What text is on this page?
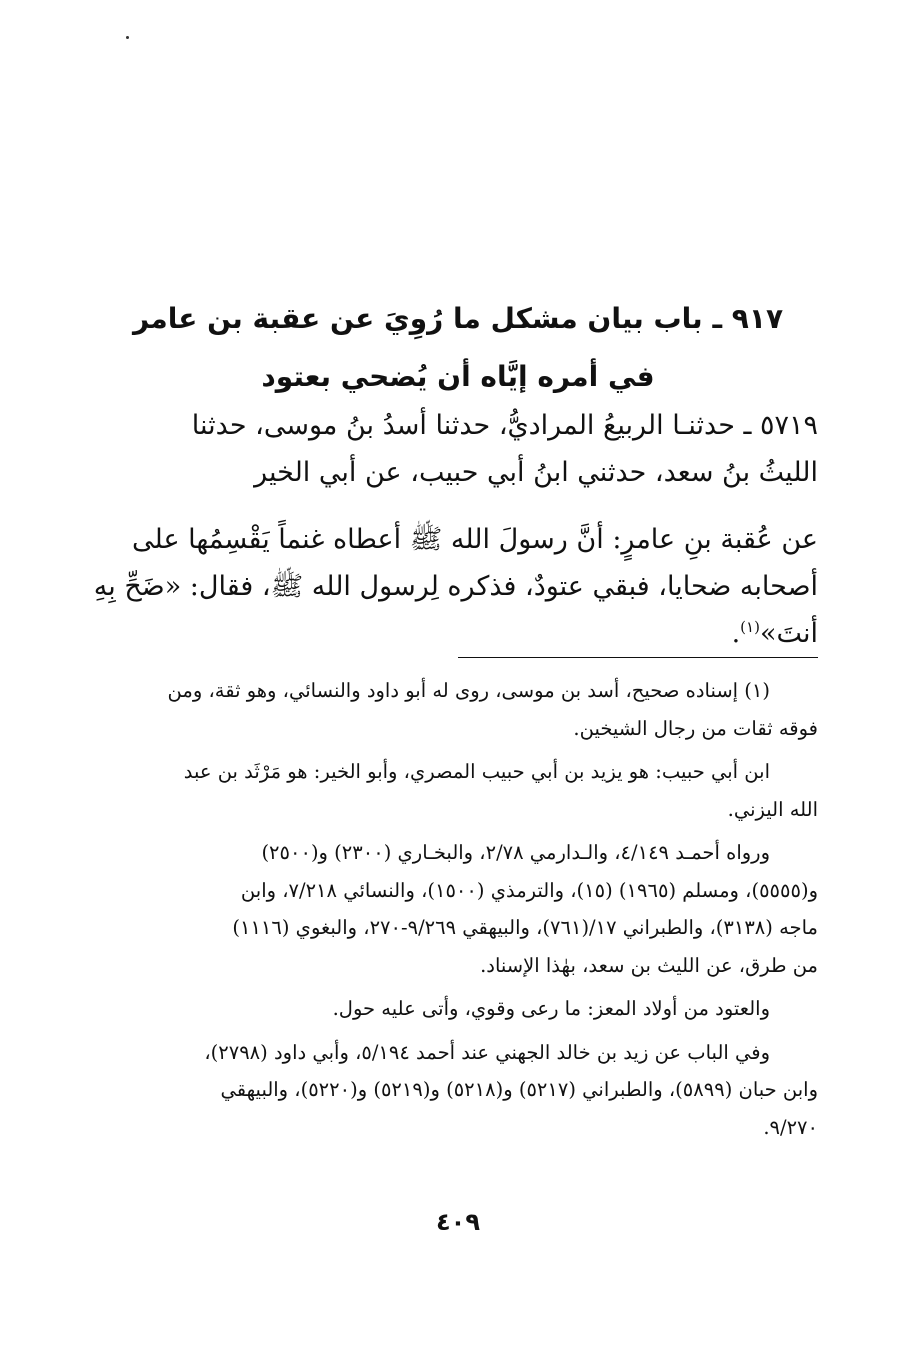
٩١٧ ـ باب بيان مشكل ما رُوِيَ عن عقبة بن عامر
في أمره إيَّاه أن يُضحي بعتود
٥٧١٩ ـ حدثنـا الربيعُ المراديُّ، حدثنا أسدُ بنُ موسى، حدثنا
الليثُ بنُ سعد، حدثني ابنُ أبي حبيب، عن أبي الخير
عن عُقبة بنِ عامرٍ: أنَّ رسولَ الله ﷺ أعطاه غنماً يَقْسِمُها على
أصحابه ضحايا، فبقي عتودٌ، فذكره لِرسول الله ﷺ، فقال: «ضَحِّ بِهِ
أنتَ»$^{(١)}$.
(١) إسناده صحيح، أسد بن موسى، روى له أبو داود والنسائي، وهو ثقة، ومن
فوقه ثقات من رجال الشيخين.
ابن أبي حبيب: هو يزيد بن أبي حبيب المصري، وأبو الخير: هو مَرْثَد بن عبد
الله اليزني.
ورواه أحمـد ٤/١٤٩، والـدارمي ٢/٧٨، والبخـاري (٢٣٠٠) و(٢٥٠٠)
و(٥٥٥٥)، ومسلم (١٩٦٥) (١٥)، والترمذي (١٥٠٠)، والنسائي ٧/٢١٨، وابن
ماجه (٣١٣٨)، والطبراني ١٧/(٧٦١)، والبيهقي ٩/٢٦٩-٢٧٠، والبغوي (١١١٦)
من طرق، عن الليث بن سعد، بهٰذا الإسناد.
والعتود من أولاد المعز: ما رعى وقوي، وأتى عليه حول.
وفي الباب عن زيد بن خالد الجهني عند أحمد ٥/١٩٤، وأبي داود (٢٧٩٨)،
وابن حبان (٥٨٩٩)، والطبراني (٥٢١٧) و(٥٢١٨) و(٥٢١٩) و(٥٢٢٠)، والبيهقي
٩/٢٧٠.
٤٠٩
